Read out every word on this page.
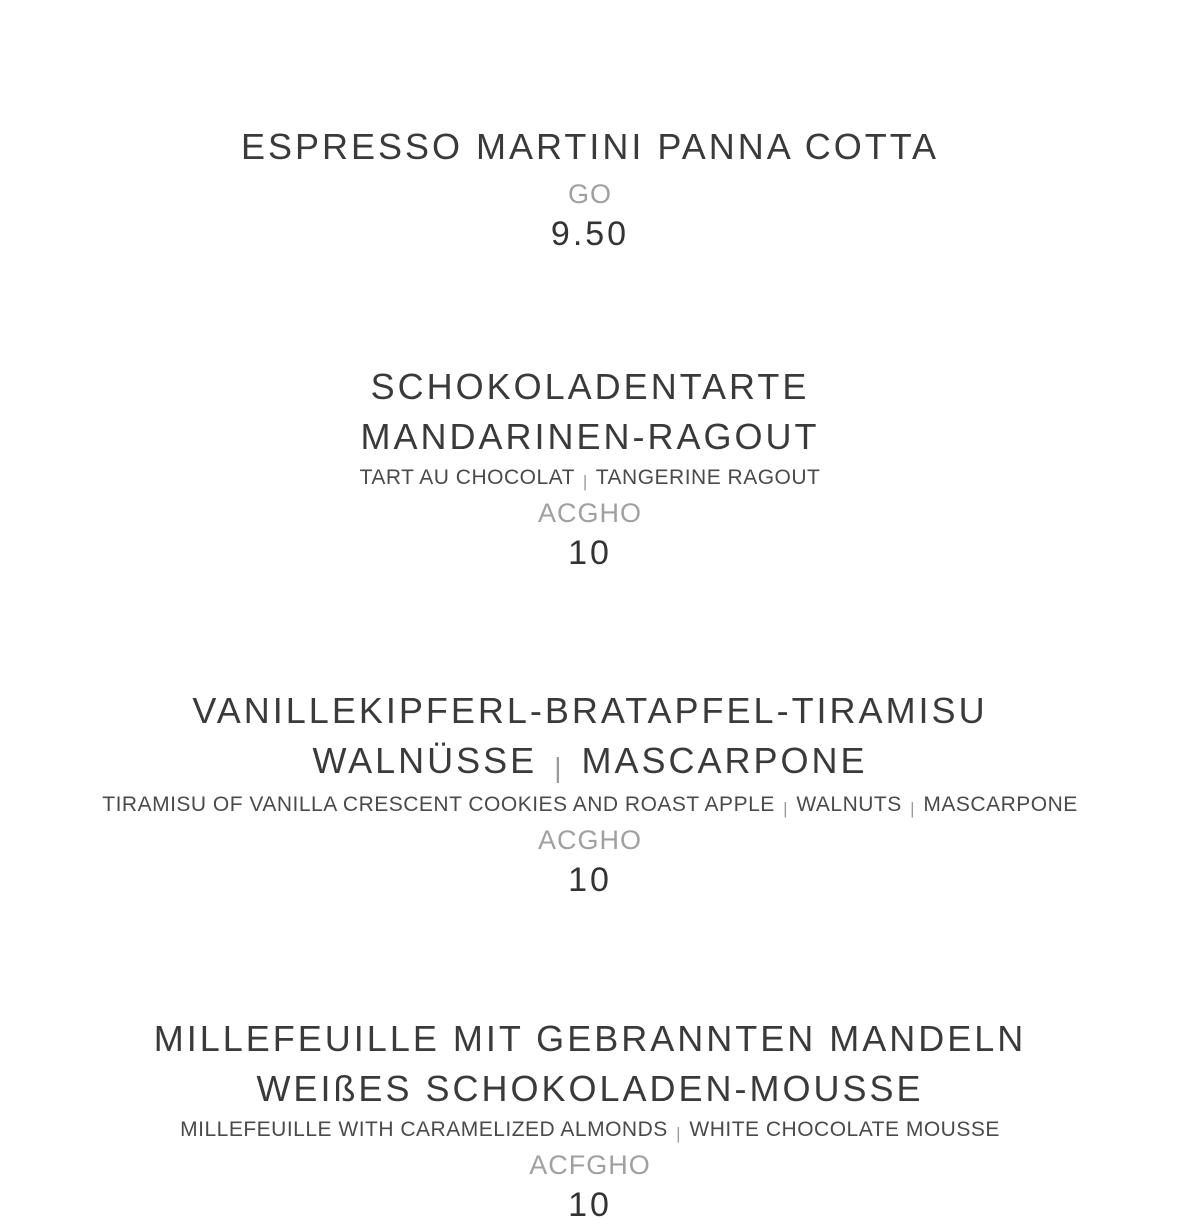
ESPRESSO MARTINI PANNA COTTA
GO
9.50
SCHOKOLADENTARTE
MANDARINEN-RAGOUT
TART AU CHOCOLAT | TANGERINE RAGOUT
ACGHO
10
VANILLEKIPFERL-BRATAPFEL-TIRAMISU
WALNÜSSE | MASCARPONE
TIRAMISU OF VANILLA CRESCENT COOKIES AND ROAST APPLE | WALNUTS | MASCARPONE
ACGHO
10
MILLEFEUILLE MIT GEBRANNTEN MANDELN
WEIßES SCHOKOLADEN-MOUSSE
MILLEFEUILLE WITH CARAMELIZED ALMONDS | WHITE CHOCOLATE MOUSSE
ACFGHO
10
